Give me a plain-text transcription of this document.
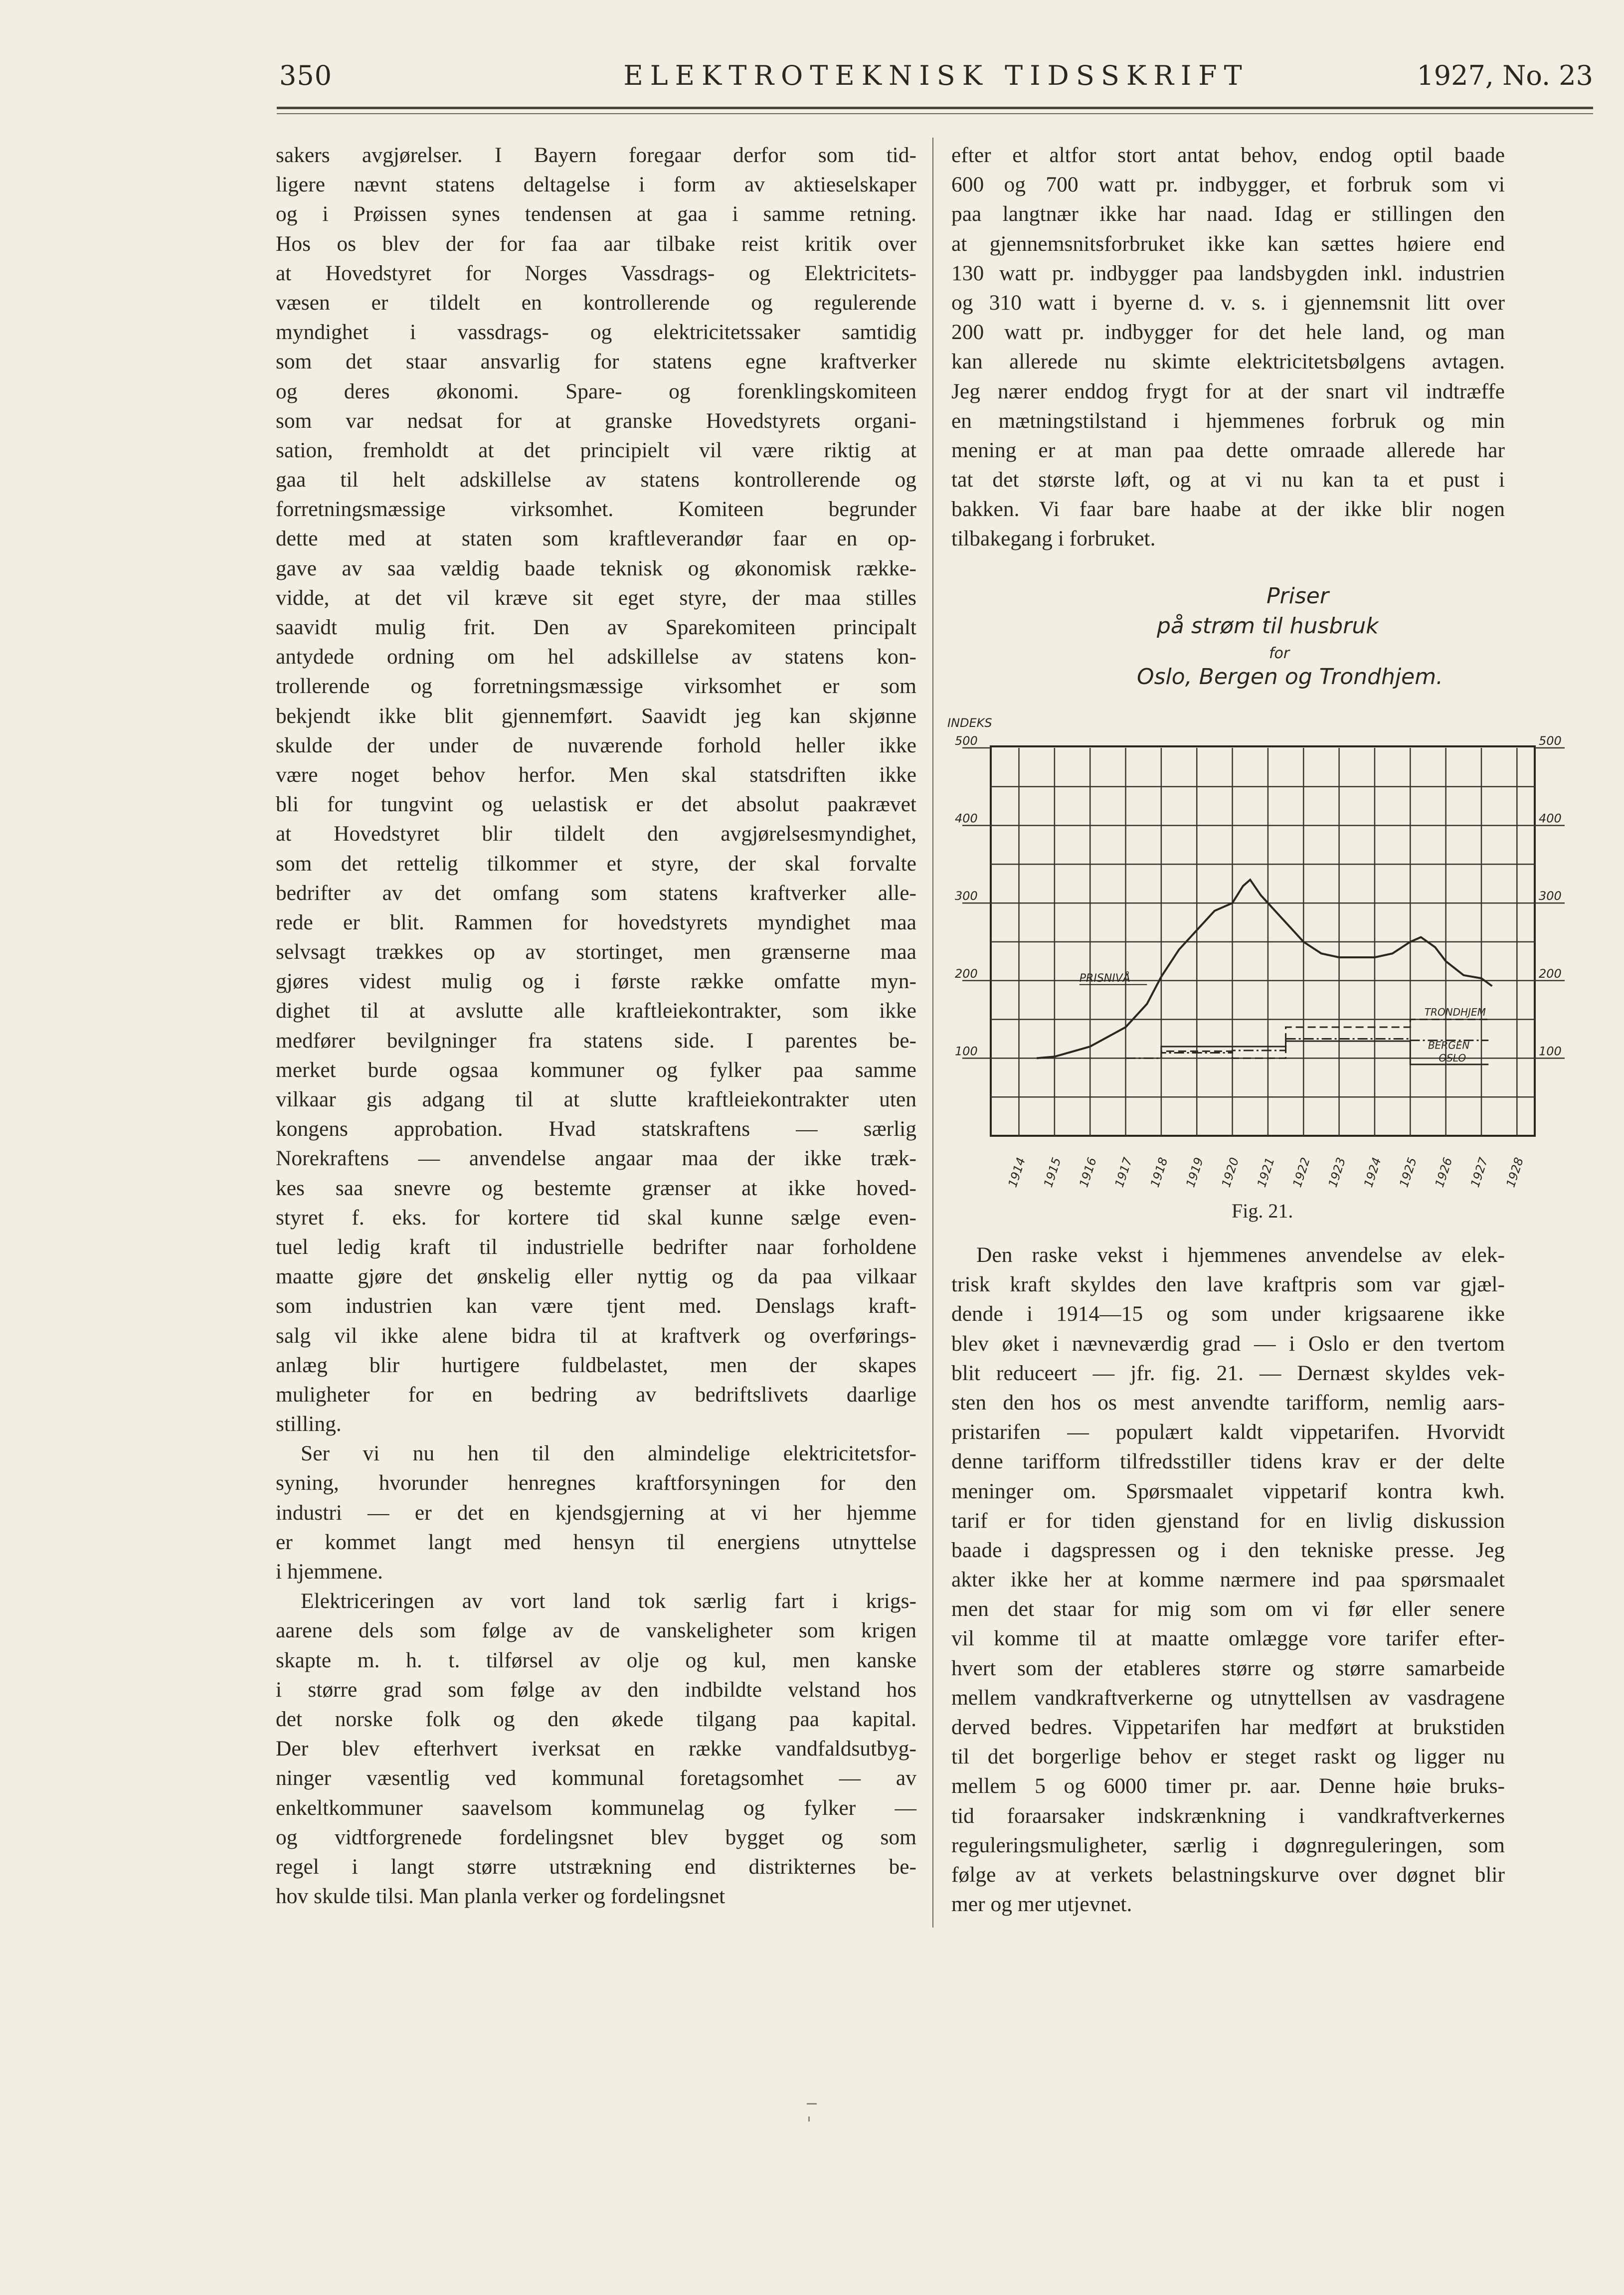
350	ELEKTROTEKNISK TIDSSKRIFT	1927, No. 23
sakers avgjørelser. I Bayern foregaar derfor som tid-
ligere nævnt statens deltagelse i form av aktieselskaper
og i Prøissen synes tendensen at gaa i samme retning.
Hos os blev der for faa aar tilbake reist kritik over
at Hovedstyret for Norges Vassdrags- og Elektricitets-
væsen er tildelt en kontrollerende og regulerende
myndighet i vassdrags- og elektricitetssaker samtidig
som det staar ansvarlig for statens egne kraftverker
og deres økonomi. Spare- og forenklingskomiteen
som var nedsat for at granske Hovedstyrets organi-
sation, fremholdt at det principielt vil være riktig at
gaa til helt adskillelse av statens kontrollerende og
forretningsmæssige virksomhet. Komiteen begrunder
dette med at staten som kraftleverandør faar en op-
gave av saa vældig baade teknisk og økonomisk række-
vidde, at det vil kræve sit eget styre, der maa stilles
saavidt mulig frit. Den av Sparekomiteen principalt
antydede ordning om hel adskillelse av statens kon-
trollerende og forretningsmæssige virksomhet er som
bekjendt ikke blit gjennemført. Saavidt jeg kan skjønne
skulde der under de nuværende forhold heller ikke
være noget behov herfor. Men skal statsdriften ikke
bli for tungvint og uelastisk er det absolut paakrævet
at Hovedstyret blir tildelt den avgjørelsesmyndighet,
som det rettelig tilkommer et styre, der skal forvalte
bedrifter av det omfang som statens kraftverker alle-
rede er blit. Rammen for hovedstyrets myndighet maa
selvsagt trækkes op av stortinget, men grænserne maa
gjøres videst mulig og i første række omfatte myn-
dighet til at avslutte alle kraftleiekontrakter, som ikke
medfører bevilgninger fra statens side. I parentes be-
merket burde ogsaa kommuner og fylker paa samme
vilkaar gis adgang til at slutte kraftleiekontrakter uten
kongens approbation. Hvad statskraftens — særlig
Norekraftens — anvendelse angaar maa der ikke træk-
kes saa snevre og bestemte grænser at ikke hoved-
styret f. eks. for kortere tid skal kunne sælge even-
tuel ledig kraft til industrielle bedrifter naar forholdene
maatte gjøre det ønskelig eller nyttig og da paa vilkaar
som industrien kan være tjent med. Denslags kraft-
salg vil ikke alene bidra til at kraftverk og overførings-
anlæg blir hurtigere fuldbelastet, men der skapes
muligheter for en bedring av bedriftslivets daarlige
stilling.
Ser vi nu hen til den almindelige elektricitetsfor-
syning, hvorunder henregnes kraftforsyningen for den
industri — er det en kjendsgjerning at vi her hjemme
er kommet langt med hensyn til energiens utnyttelse
i hjemmene.
Elektriceringen av vort land tok særlig fart i krigs-
aarene dels som følge av de vanskeligheter som krigen
skapte m. h. t. tilførsel av olje og kul, men kanske
i større grad som følge av den indbildte velstand hos
det norske folk og den økede tilgang paa kapital.
Der blev efterhvert iverksat en række vandfaldsutbyg-
ninger væsentlig ved kommunal foretagsomhet — av
enkeltkommuner saavelsom kommunelag og fylker —
og vidtforgrenede fordelingsnet blev bygget og som
regel i langt større utstrækning end distrikternes be-
hov skulde tilsi. Man planla verker og fordelingsnet
efter et altfor stort antat behov, endog optil baade
600 og 700 watt pr. indbygger, et forbruk som vi
paa langtnær ikke har naad. Idag er stillingen den
at gjennemsnitsforbruket ikke kan sættes høiere end
130 watt pr. indbygger paa landsbygden inkl. industrien
og 310 watt i byerne d. v. s. i gjennemsnit litt over
200 watt pr. indbygger for det hele land, og man
kan allerede nu skimte elektricitetsbølgens avtagen.
Jeg nærer enddog frygt for at der snart vil indtræffe
en mætningstilstand i hjemmenes forbruk og min
mening er at man paa dette omraade allerede har
tat det største løft, og at vi nu kan ta et pust i
bakken. Vi faar bare haabe at der ikke blir nogen
tilbakegang i forbruket.
Priser
på strøm til husbruk
for
Oslo, Bergen og Trondhjem.
INDEKS
100	100
200	200
300	300
400	400
500	500
1914 1915 1916 1917 1918 1919 1920 1921 1922 1923 1924 1925 1926 1927 1928
PRISNIVÅ
TRONDHJEM
BERGEN
OSLO
Fig. 21.
Den raske vekst i hjemmenes anvendelse av elek-
trisk kraft skyldes den lave kraftpris som var gjæl-
dende i 1914—15 og som under krigsaarene ikke
blev øket i nævneværdig grad — i Oslo er den tvertom
blit reduceert — jfr. fig. 21. — Dernæst skyldes vek-
sten den hos os mest anvendte tarifform, nemlig aars-
pristarifen — populært kaldt vippetarifen. Hvorvidt
denne tarifform tilfredsstiller tidens krav er der delte
meninger om. Spørsmaalet vippetarif kontra kwh.
tarif er for tiden gjenstand for en livlig diskussion
baade i dagspressen og i den tekniske presse. Jeg
akter ikke her at komme nærmere ind paa spørsmaalet
men det staar for mig som om vi før eller senere
vil komme til at maatte omlægge vore tarifer efter-
hvert som der etableres større og større samarbeide
mellem vandkraftverkerne og utnyttellsen av vasdragene
derved bedres. Vippetarifen har medført at brukstiden
til det borgerlige behov er steget raskt og ligger nu
mellem 5 og 6000 timer pr. aar. Denne høie bruks-
tid foraarsaker indskrænkning i vandkraftverkernes
reguleringsmuligheter, særlig i døgnreguleringen, som
følge av at verkets belastningskurve over døgnet blir
mer og mer utjevnet.
